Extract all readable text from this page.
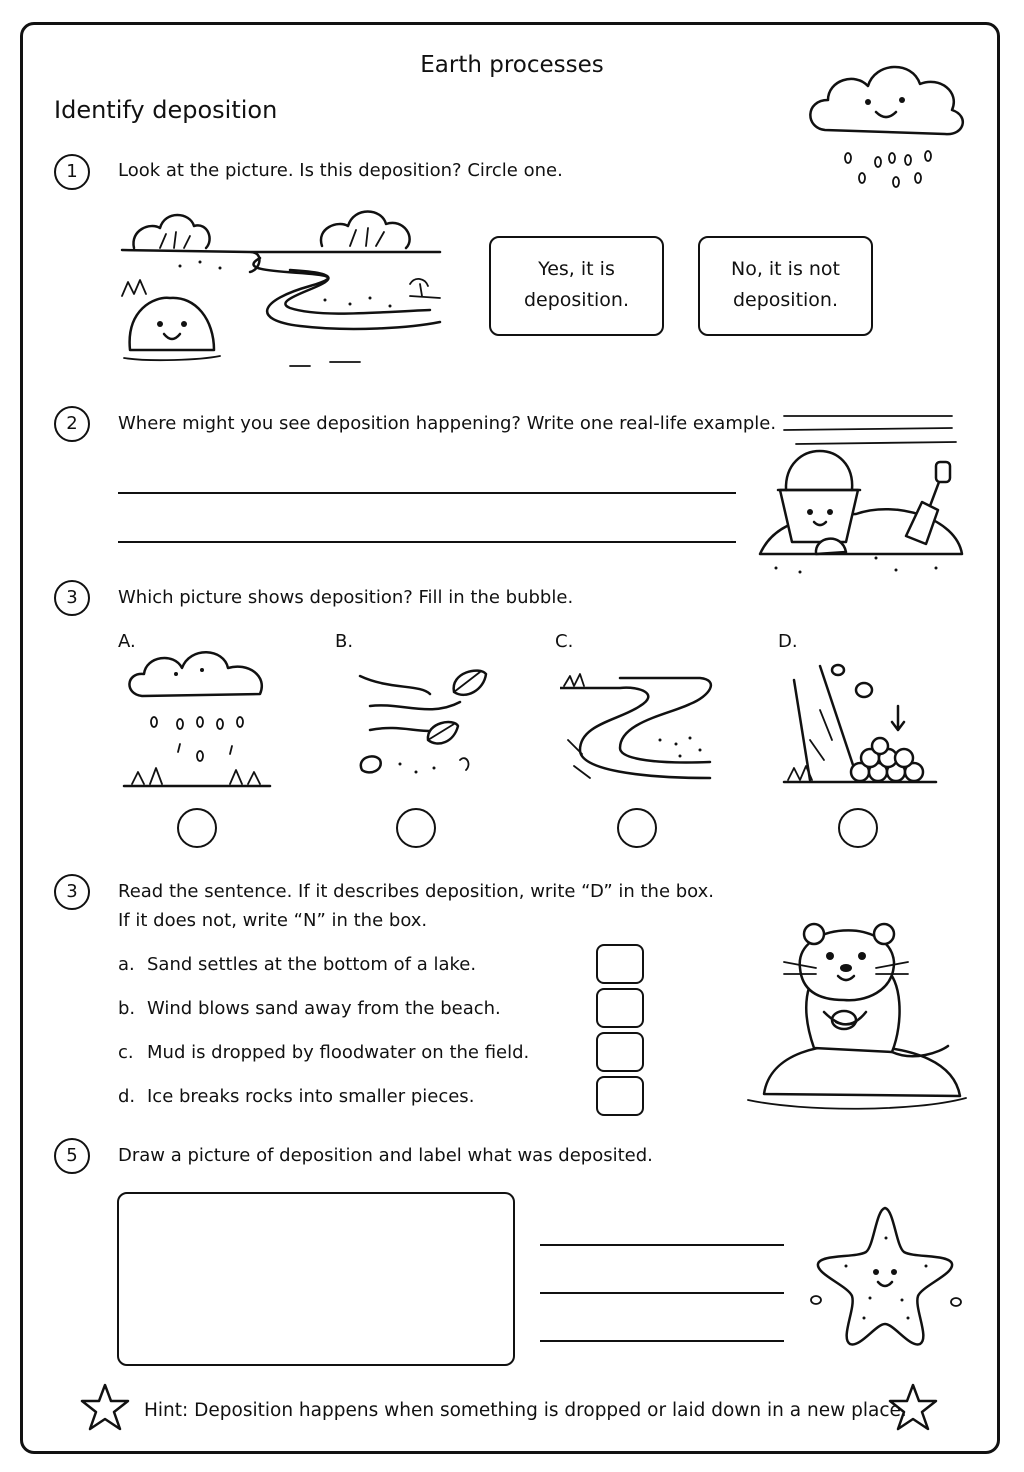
Earth processes
Identify deposition
1	Look at the picture. Is this deposition? Circle one.
Yes, it is
deposition.
No, it is not
deposition.
2	Where might you see deposition happening? Write one real-life example.
3	Which picture shows deposition? Fill in the bubble.
A.	B.	C.	D.
3	Read the sentence. If it describes deposition, write “D” in the box.
If it does not, write “N” in the box.
a. Sand settles at the bottom of a lake.
b. Wind blows sand away from the beach.
c. Mud is dropped by floodwater on the field.
d. Ice breaks rocks into smaller pieces.
5	Draw a picture of deposition and label what was deposited.
Hint: Deposition happens when something is dropped or laid down in a new place.
